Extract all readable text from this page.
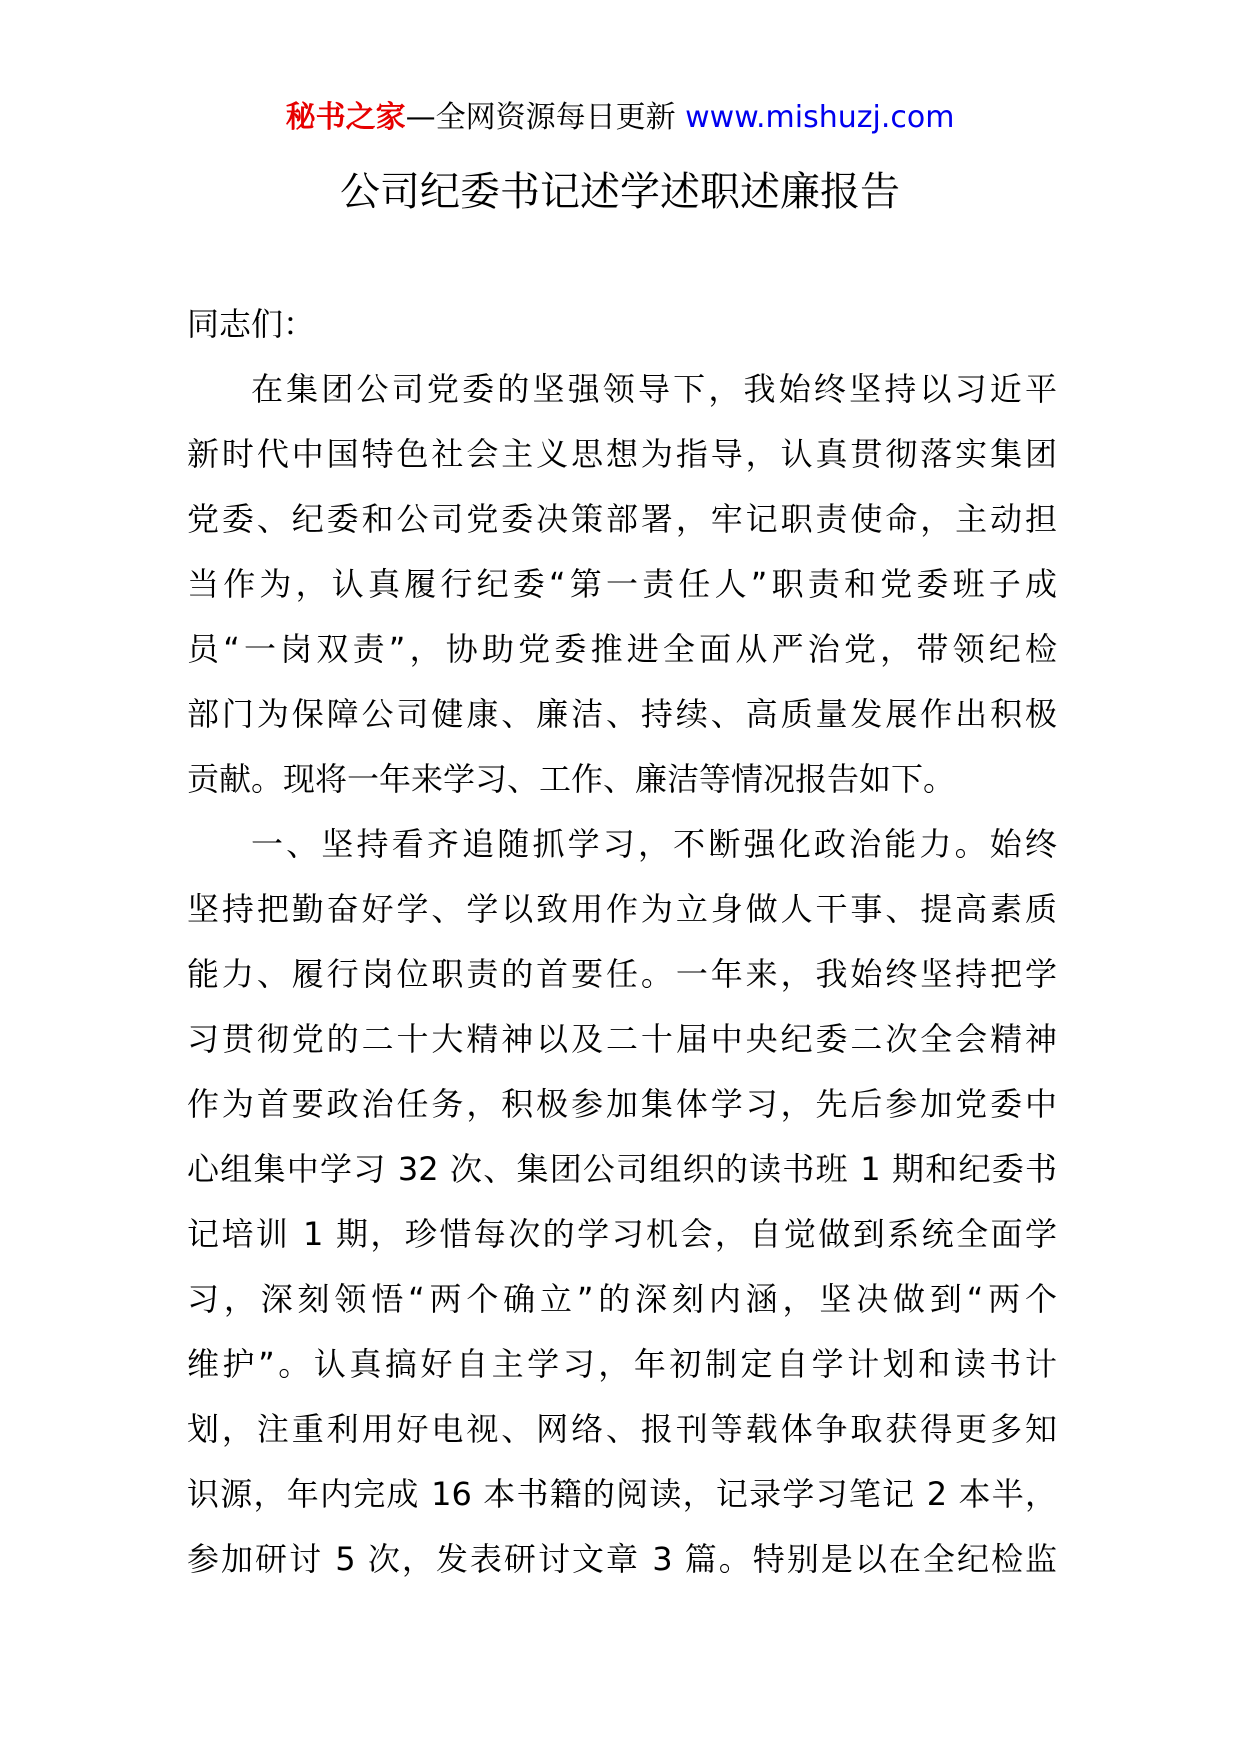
秘书之家—全网资源每日更新 www.mishuzj.com
公司纪委书记述学述职述廉报告
同志们：
在集团公司党委的坚强领导下，我始终坚持以习近平
新时代中国特色社会主义思想为指导，认真贯彻落实集团
党委、纪委和公司党委决策部署，牢记职责使命，主动担
当作为，认真履行纪委“第一责任人”职责和党委班子成
员“一岗双责”，协助党委推进全面从严治党，带领纪检
部门为保障公司健康、廉洁、持续、高质量发展作出积极
贡献。现将一年来学习、工作、廉洁等情况报告如下。
一、坚持看齐追随抓学习，不断强化政治能力。始终
坚持把勤奋好学、学以致用作为立身做人干事、提高素质
能力、履行岗位职责的首要任。一年来，我始终坚持把学
习贯彻党的二十大精神以及二十届中央纪委二次全会精神
作为首要政治任务，积极参加集体学习，先后参加党委中
心组集中学习 32 次、集团公司组织的读书班 1 期和纪委书
记培训 1 期，珍惜每次的学习机会，自觉做到系统全面学
习，深刻领悟“两个确立”的深刻内涵，坚决做到“两个
维护”。认真搞好自主学习，年初制定自学计划和读书计
划，注重利用好电视、网络、报刊等载体争取获得更多知
识源，年内完成 16 本书籍的阅读，记录学习笔记 2 本半，
参加研讨 5 次，发表研讨文章 3 篇。特别是以在全纪检监
